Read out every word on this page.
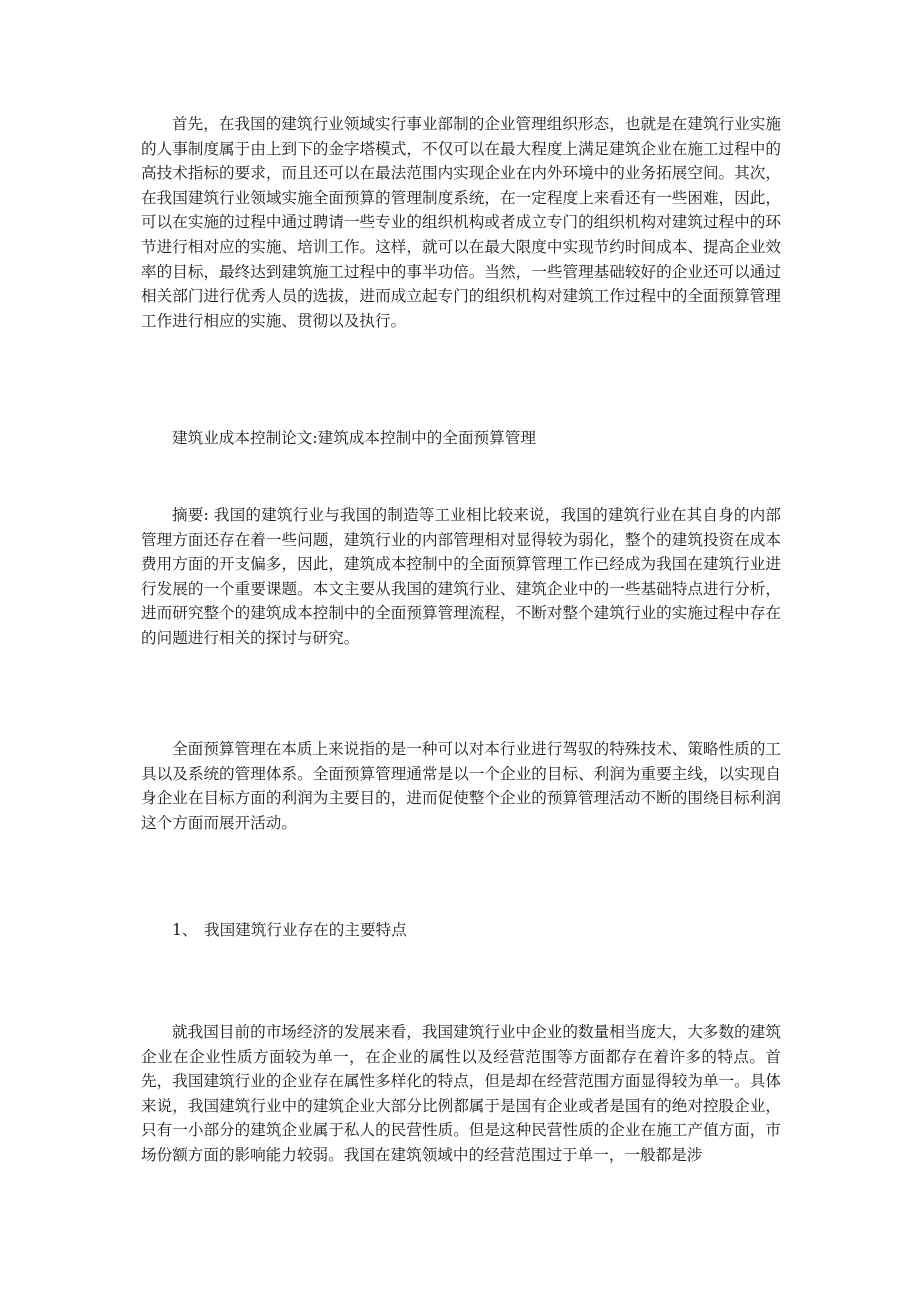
首先，在我国的建筑行业领域实行事业部制的企业管理组织形态，也就是在建筑行业实施的人事制度属于由上到下的金字塔模式，不仅可以在最大程度上满足建筑企业在施工过程中的高技术指标的要求，而且还可以在最法范围内实现企业在内外环境中的业务拓展空间。其次，在我国建筑行业领域实施全面预算的管理制度系统，在一定程度上来看还有一些困难，因此，可以在实施的过程中通过聘请一些专业的组织机构或者成立专门的组织机构对建筑过程中的环节进行相对应的实施、培训工作。这样，就可以在最大限度中实现节约时间成本、提高企业效率的目标，最终达到建筑施工过程中的事半功倍。当然，一些管理基础较好的企业还可以通过相关部门进行优秀人员的选拔，进而成立起专门的组织机构对建筑工作过程中的全面预算管理工作进行相应的实施、贯彻以及执行。

建筑业成本控制论文:建筑成本控制中的全面预算管理

摘要: 我国的建筑行业与我国的制造等工业相比较来说，我国的建筑行业在其自身的内部管理方面还存在着一些问题，建筑行业的内部管理相对显得较为弱化，整个的建筑投资在成本费用方面的开支偏多，因此，建筑成本控制中的全面预算管理工作已经成为我国在建筑行业进行发展的一个重要课题。本文主要从我国的建筑行业、建筑企业中的一些基础特点进行分析，进而研究整个的建筑成本控制中的全面预算管理流程，不断对整个建筑行业的实施过程中存在的问题进行相关的探讨与研究。

全面预算管理在本质上来说指的是一种可以对本行业进行驾驭的特殊技术、策略性质的工具以及系统的管理体系。全面预算管理通常是以一个企业的目标、利润为重要主线，以实现自身企业在目标方面的利润为主要目的，进而促使整个企业的预算管理活动不断的围绕目标利润这个方面而展开活动。

1、 我国建筑行业存在的主要特点

就我国目前的市场经济的发展来看，我国建筑行业中企业的数量相当庞大，大多数的建筑企业在企业性质方面较为单一，在企业的属性以及经营范围等方面都存在着许多的特点。首先，我国建筑行业的企业存在属性多样化的特点，但是却在经营范围方面显得较为单一。具体来说，我国建筑行业中的建筑企业大部分比例都属于是国有企业或者是国有的绝对控股企业，只有一小部分的建筑企业属于私人的民营性质。但是这种民营性质的企业在施工产值方面，市场份额方面的影响能力较弱。我国在建筑领域中的经营范围过于单一，一般都是涉
